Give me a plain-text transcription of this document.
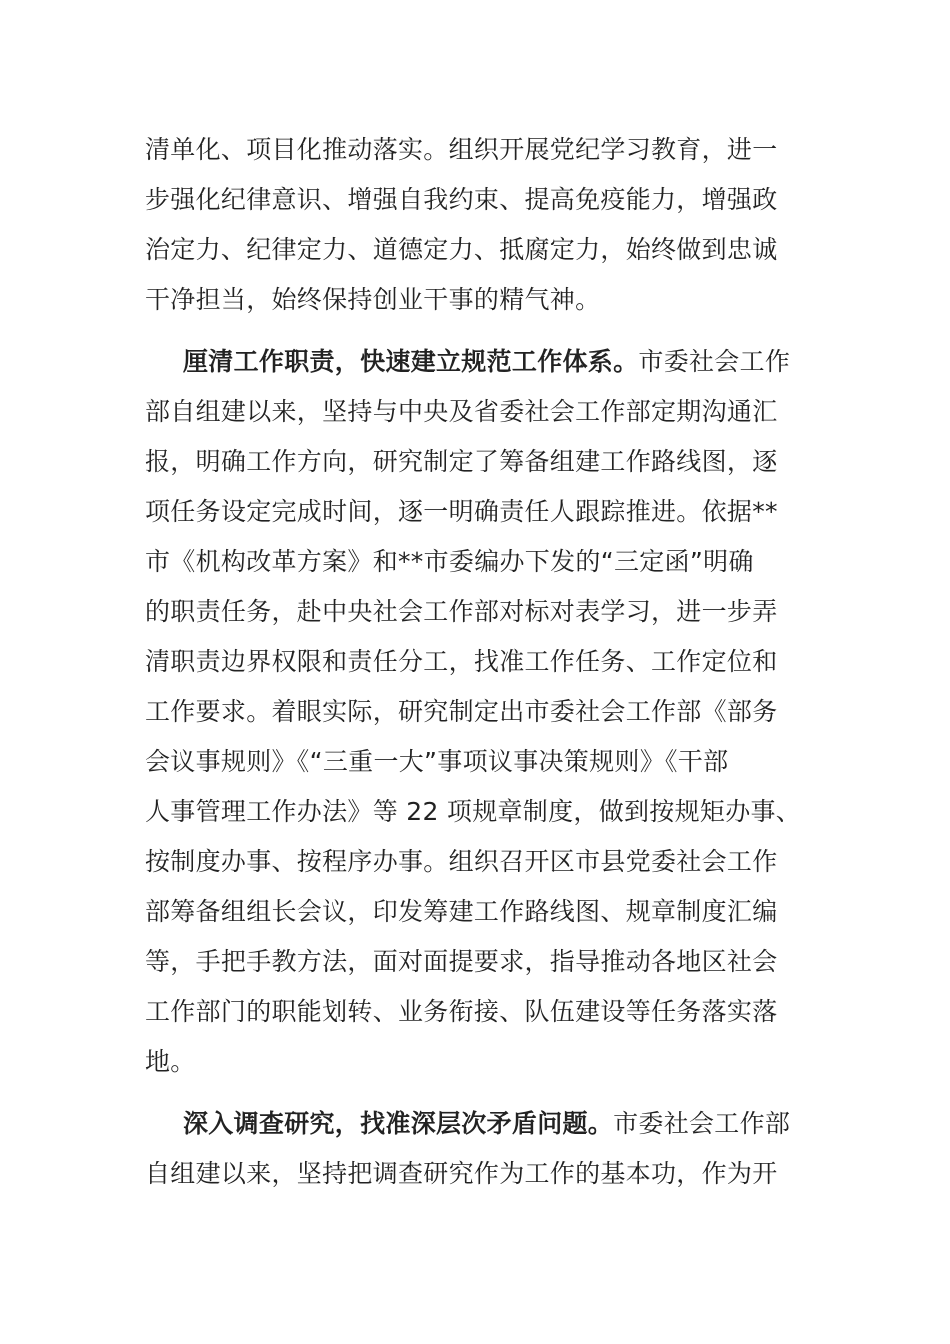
清单化、项目化推动落实。组织开展党纪学习教育，进一
步强化纪律意识、增强自我约束、提高免疫能力，增强政
治定力、纪律定力、道德定力、抵腐定力，始终做到忠诚
干净担当，始终保持创业干事的精气神。

厘清工作职责，快速建立规范工作体系。市委社会工作
部自组建以来，坚持与中央及省委社会工作部定期沟通汇
报，明确工作方向，研究制定了筹备组建工作路线图，逐
项任务设定完成时间，逐一明确责任人跟踪推进。依据**
市《机构改革方案》和**市委编办下发的“三定函”明确
的职责任务，赴中央社会工作部对标对表学习，进一步弄
清职责边界权限和责任分工，找准工作任务、工作定位和
工作要求。着眼实际，研究制定出市委社会工作部《部务
会议事规则》《“三重一大”事项议事决策规则》《干部
人事管理工作办法》等 22 项规章制度，做到按规矩办事、
按制度办事、按程序办事。组织召开区市县党委社会工作
部筹备组组长会议，印发筹建工作路线图、规章制度汇编
等，手把手教方法，面对面提要求，指导推动各地区社会
工作部门的职能划转、业务衔接、队伍建设等任务落实落
地。

深入调查研究，找准深层次矛盾问题。市委社会工作部
自组建以来，坚持把调查研究作为工作的基本功，作为开
